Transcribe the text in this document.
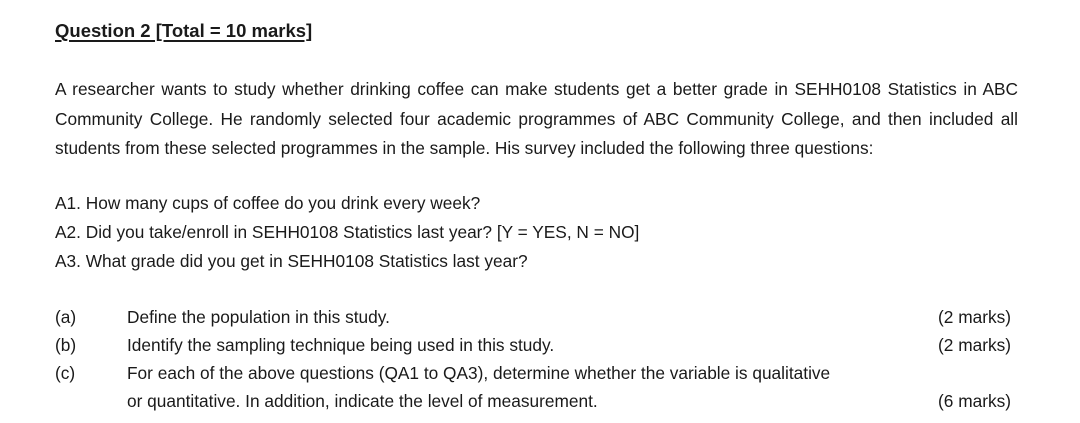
Question 2 [Total = 10 marks]

A researcher wants to study whether drinking coffee can make students get a better grade in SEHH0108 Statistics in ABC Community College. He randomly selected four academic programmes of ABC Community College, and then included all students from these selected programmes in the sample. His survey included the following three questions:

A1. How many cups of coffee do you drink every week?
A2. Did you take/enroll in SEHH0108 Statistics last year? [Y = YES, N = NO]
A3. What grade did you get in SEHH0108 Statistics last year?
(a)	Define the population in this study.	(2 marks)
(b)	Identify the sampling technique being used in this study.	(2 marks)
(c)	For each of the above questions (QA1 to QA3), determine whether the variable is qualitative
or quantitative. In addition, indicate the level of measurement.	(6 marks)
